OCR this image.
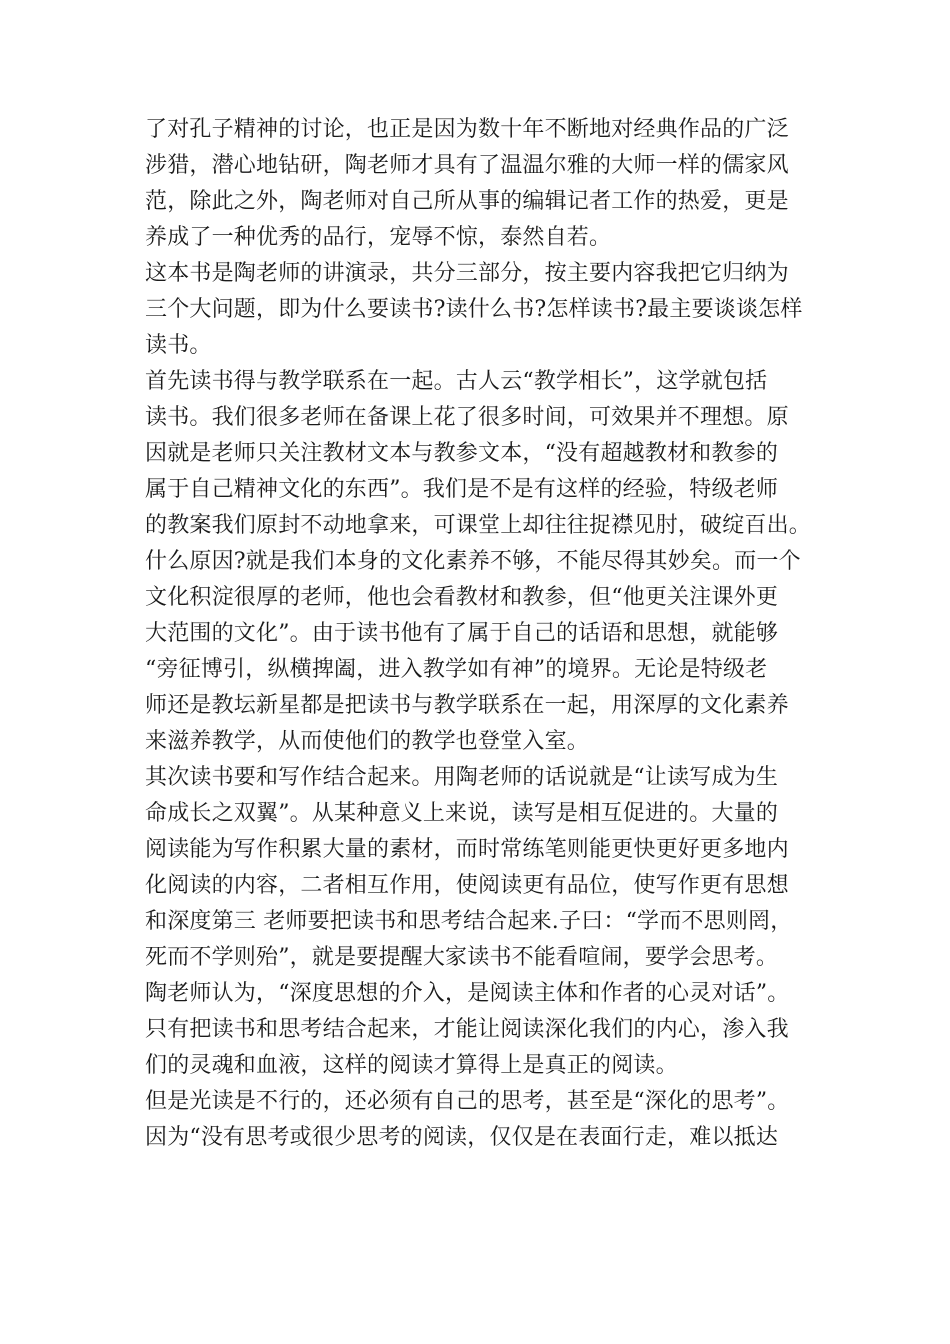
了对孔子精神的讨论，也正是因为数十年不断地对经典作品的广泛
涉猎，潜心地钻研，陶老师才具有了温温尔雅的大师一样的儒家风
范，除此之外，陶老师对自己所从事的编辑记者工作的热爱，更是
养成了一种优秀的品行，宠辱不惊，泰然自若。
这本书是陶老师的讲演录，共分三部分，按主要内容我把它归纳为
三个大问题，即为什么要读书?读什么书?怎样读书?最主要谈谈怎样
读书。
首先读书得与教学联系在一起。古人云“教学相长”，这学就包括
读书。我们很多老师在备课上花了很多时间，可效果并不理想。原
因就是老师只关注教材文本与教参文本，“没有超越教材和教参的
属于自己精神文化的东西”。我们是不是有这样的经验，特级老师
的教案我们原封不动地拿来，可课堂上却往往捉襟见肘，破绽百出。
什么原因?就是我们本身的文化素养不够，不能尽得其妙矣。而一个
文化积淀很厚的老师，他也会看教材和教参，但“他更关注课外更
大范围的文化”。由于读书他有了属于自己的话语和思想，就能够
“旁征博引，纵横捭阖，进入教学如有神”的境界。无论是特级老
师还是教坛新星都是把读书与教学联系在一起，用深厚的文化素养
来滋养教学，从而使他们的教学也登堂入室。
其次读书要和写作结合起来。用陶老师的话说就是“让读写成为生
命成长之双翼”。从某种意义上来说，读写是相互促进的。大量的
阅读能为写作积累大量的素材，而时常练笔则能更快更好更多地内
化阅读的内容，二者相互作用，使阅读更有品位，使写作更有思想
和深度第三 老师要把读书和思考结合起来.子曰：“学而不思则罔，
死而不学则殆”，就是要提醒大家读书不能看喧闹，要学会思考。
陶老师认为，“深度思想的介入，是阅读主体和作者的心灵对话”。
只有把读书和思考结合起来，才能让阅读深化我们的内心，渗入我
们的灵魂和血液，这样的阅读才算得上是真正的阅读。
但是光读是不行的，还必须有自己的思考，甚至是“深化的思考”。
因为“没有思考或很少思考的阅读，仅仅是在表面行走，难以抵达
